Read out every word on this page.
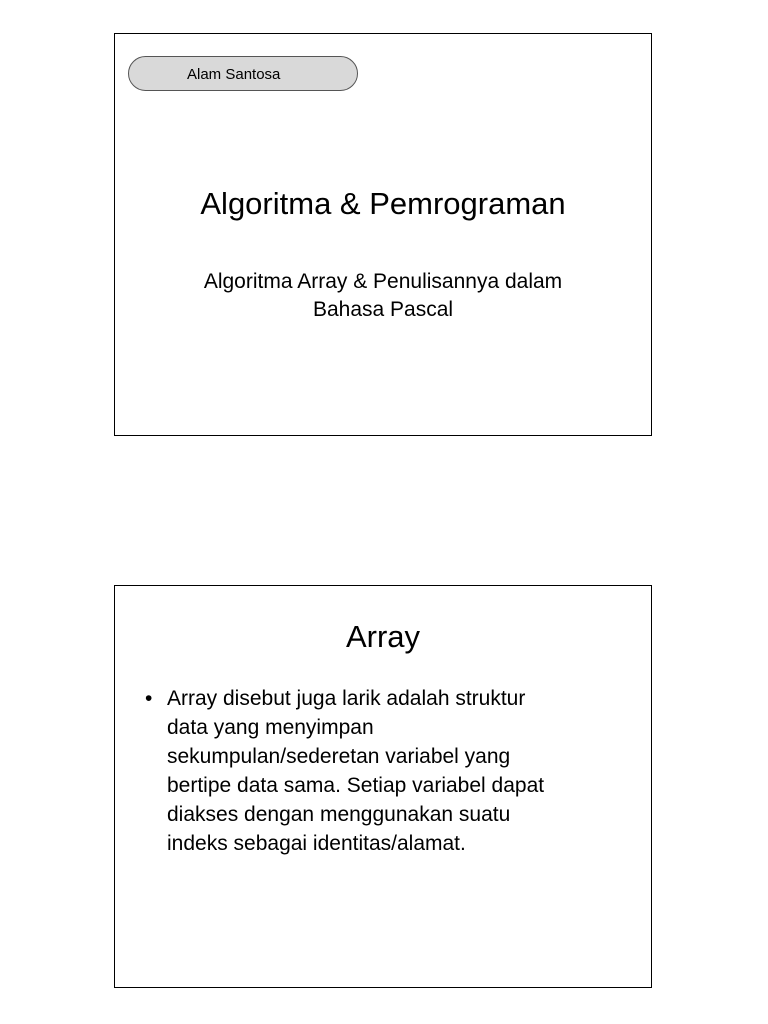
Alam Santosa
Algoritma & Pemrograman
Algoritma Array & Penulisannya dalam
Bahasa Pascal
Array
• Array disebut juga larik adalah struktur
data yang menyimpan
sekumpulan/sederetan variabel yang
bertipe data sama. Setiap variabel dapat
diakses dengan menggunakan suatu
indeks sebagai identitas/alamat.
